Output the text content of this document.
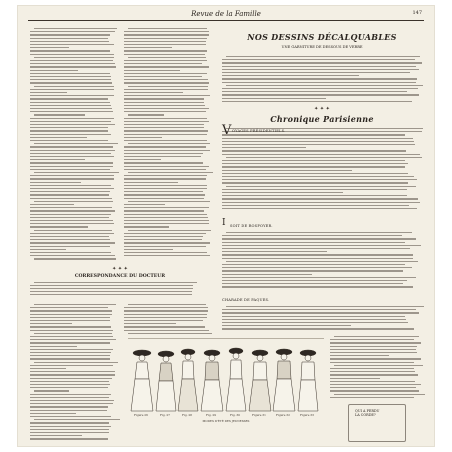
Revue de la Famille	147
✦ ✦ ✦
CORRESPONDANCE DU DOCTEUR
NOS DESSINS DÉCALQUABLES
UNE GARNITURE DE DESSOUS DE VERRE
✦ ✦ ✦
Chronique Parisienne
V OYAGES PRÉSIDENTIELS.
I SOIT DE ROSPOYER.
CHARADE DE PAQUES.
MODES D'ÉTÉ DES JEUNESSES
Figure 26	Fig. 27	Fig. 28	Fig. 29	Fig. 30	Figure 31	Figure 32	Figure 33
QUI A PERDU
LA CORDE?
